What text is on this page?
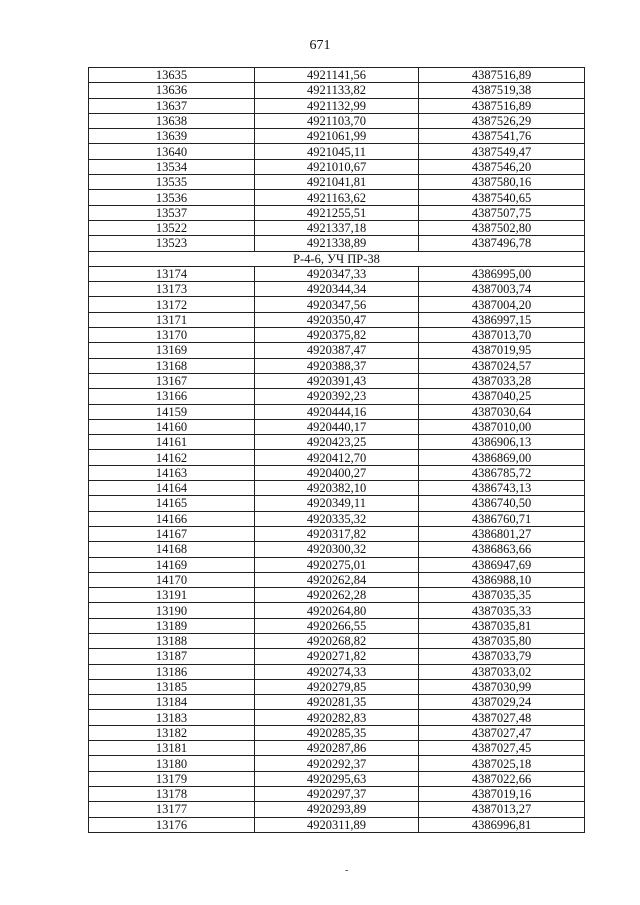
671
13635	4921141,56	4387516,89
13636	4921133,82	4387519,38
13637	4921132,99	4387516,89
13638	4921103,70	4387526,29
13639	4921061,99	4387541,76
13640	4921045,11	4387549,47
13534	4921010,67	4387546,20
13535	4921041,81	4387580,16
13536	4921163,62	4387540,65
13537	4921255,51	4387507,75
13522	4921337,18	4387502,80
13523	4921338,89	4387496,78
Р-4-6, УЧ ПР-38		
13174	4920347,33	4386995,00
13173	4920344,34	4387003,74
13172	4920347,56	4387004,20
13171	4920350,47	4386997,15
13170	4920375,82	4387013,70
13169	4920387,47	4387019,95
13168	4920388,37	4387024,57
13167	4920391,43	4387033,28
13166	4920392,23	4387040,25
14159	4920444,16	4387030,64
14160	4920440,17	4387010,00
14161	4920423,25	4386906,13
14162	4920412,70	4386869,00
14163	4920400,27	4386785,72
14164	4920382,10	4386743,13
14165	4920349,11	4386740,50
14166	4920335,32	4386760,71
14167	4920317,82	4386801,27
14168	4920300,32	4386863,66
14169	4920275,01	4386947,69
14170	4920262,84	4386988,10
13191	4920262,28	4387035,35
13190	4920264,80	4387035,33
13189	4920266,55	4387035,81
13188	4920268,82	4387035,80
13187	4920271,82	4387033,79
13186	4920274,33	4387033,02
13185	4920279,85	4387030,99
13184	4920281,35	4387029,24
13183	4920282,83	4387027,48
13182	4920285,35	4387027,47
13181	4920287,86	4387027,45
13180	4920292,37	4387025,18
13179	4920295,63	4387022,66
13178	4920297,37	4387019,16
13177	4920293,89	4387013,27
13176	4920311,89	4386996,81
-
